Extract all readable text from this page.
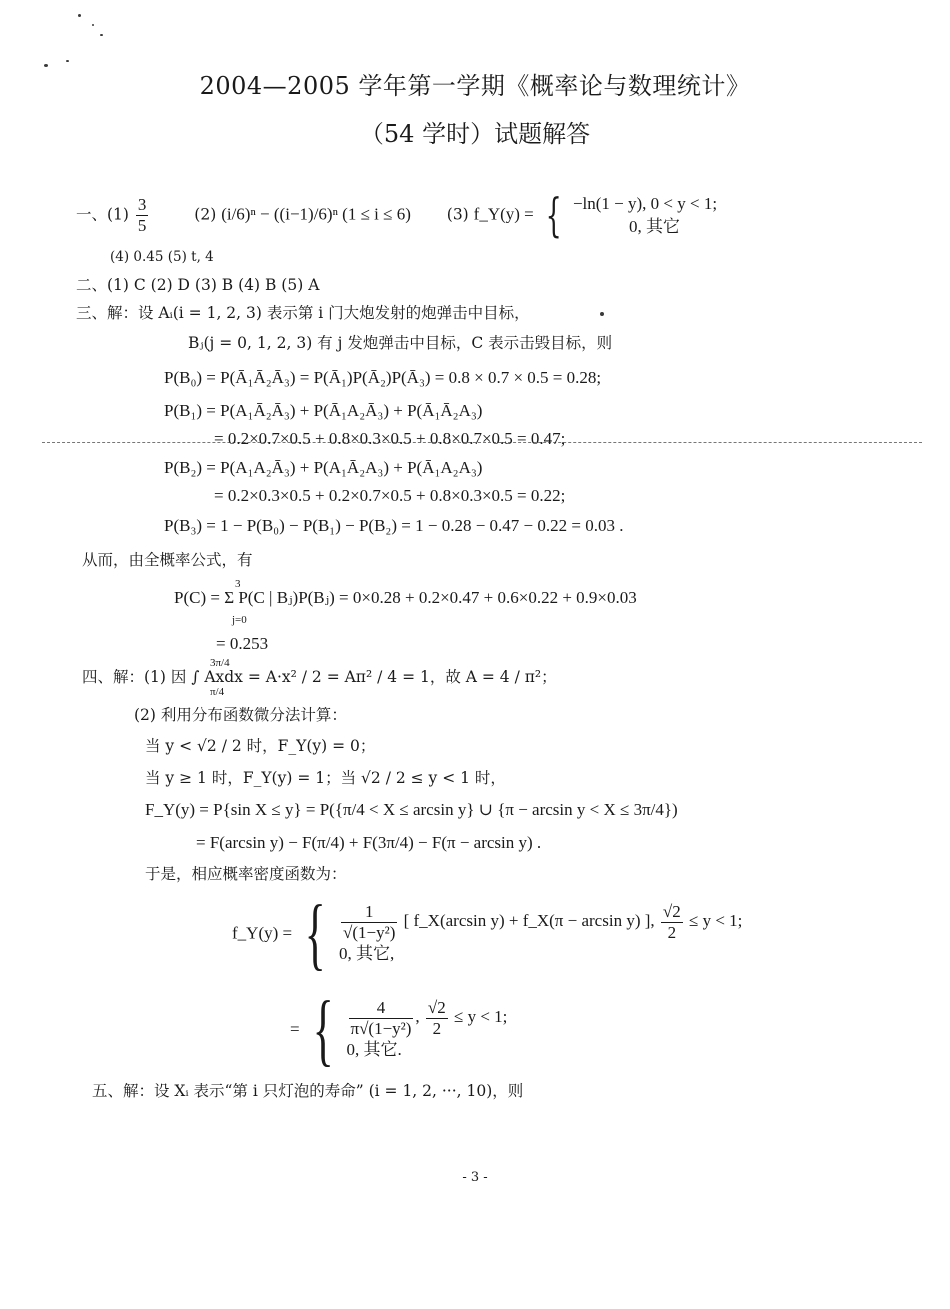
2004—2005 学年第一学期《概率论与数理统计》
（54 学时）试题解答
一、$(1) \frac{3}{5}$	(2) (i/6)ⁿ − ((i−1)/6)ⁿ (1 ≤ i ≤ 6) (3) f_Y(y) = { −ln(1 − y), 0 < y < 1;
0, 其它
(4) 0.45 (5) t, 4
二、(1) C (2) D (3) B (4) B (5) A
三、解：设 Aᵢ(i = 1, 2, 3) 表示第 i 门大炮发射的炮弹击中目标，
Bⱼ(j = 0, 1, 2, 3) 有 j 发炮弹击中目标，C 表示击毁目标，则
P(B₀) = P(Ā₁Ā₂Ā₃) = P(Ā₁)P(Ā₂)P(Ā₃) = 0.8 × 0.7 × 0.5 = 0.28;
P(B₁) = P(A₁Ā₂Ā₃) + P(Ā₁A₂Ā₃) + P(Ā₁Ā₂A₃)
= 0.2×0.7×0.5 + 0.8×0.3×0.5 + 0.8×0.7×0.5 = 0.47;
P(B₂) = P(A₁A₂Ā₃) + P(A₁Ā₂A₃) + P(Ā₁A₂A₃)
= 0.2×0.3×0.5 + 0.2×0.7×0.5 + 0.8×0.3×0.5 = 0.22;
P(B₃) = 1 − P(B₀) − P(B₁) − P(B₂) = 1 − 0.28 − 0.47 − 0.22 = 0.03 .
从而，由全概率公式，有
3
P(C) = Σ P(C | Bⱼ)P(Bⱼ) = 0×0.28 + 0.2×0.47 + 0.6×0.22 + 0.9×0.03
j=0
= 0.253
3π/4
四、解：(1) 因 ∫ Axdx = A·x² / 2 = Aπ² / 4 = 1，故 A = 4 / π²；
π/4
(2) 利用分布函数微分法计算：
当 y < √2 / 2 时，F_Y(y) = 0；
当 y ≥ 1 时，F_Y(y) = 1；当 √2 / 2 ≤ y < 1 时，
F_Y(y) = P{sin X ≤ y} = P({π/4 < X ≤ arcsin y} ∪ {π − arcsin y < X ≤ 3π/4})
= F(arcsin y) − F(π/4) + F(3π/4) − F(π − arcsin y) .
于是，相应概率密度函数为：
f_Y(y) = { $\frac{1}{\text{√(1−y²)}}$ [ f_X(arcsin y) + f_X(π − arcsin y) ], $\frac{√2}{2} \le y < 1$;
0, 其它,
= { $\frac{4}{\text{π√(1−y²)}}$ , $\frac{√2}{2} \le y < 1$;
0, 其它.
五、解：设 Xᵢ 表示“第 i 只灯泡的寿命” (i = 1, 2, ···, 10)，则
- 3 -
